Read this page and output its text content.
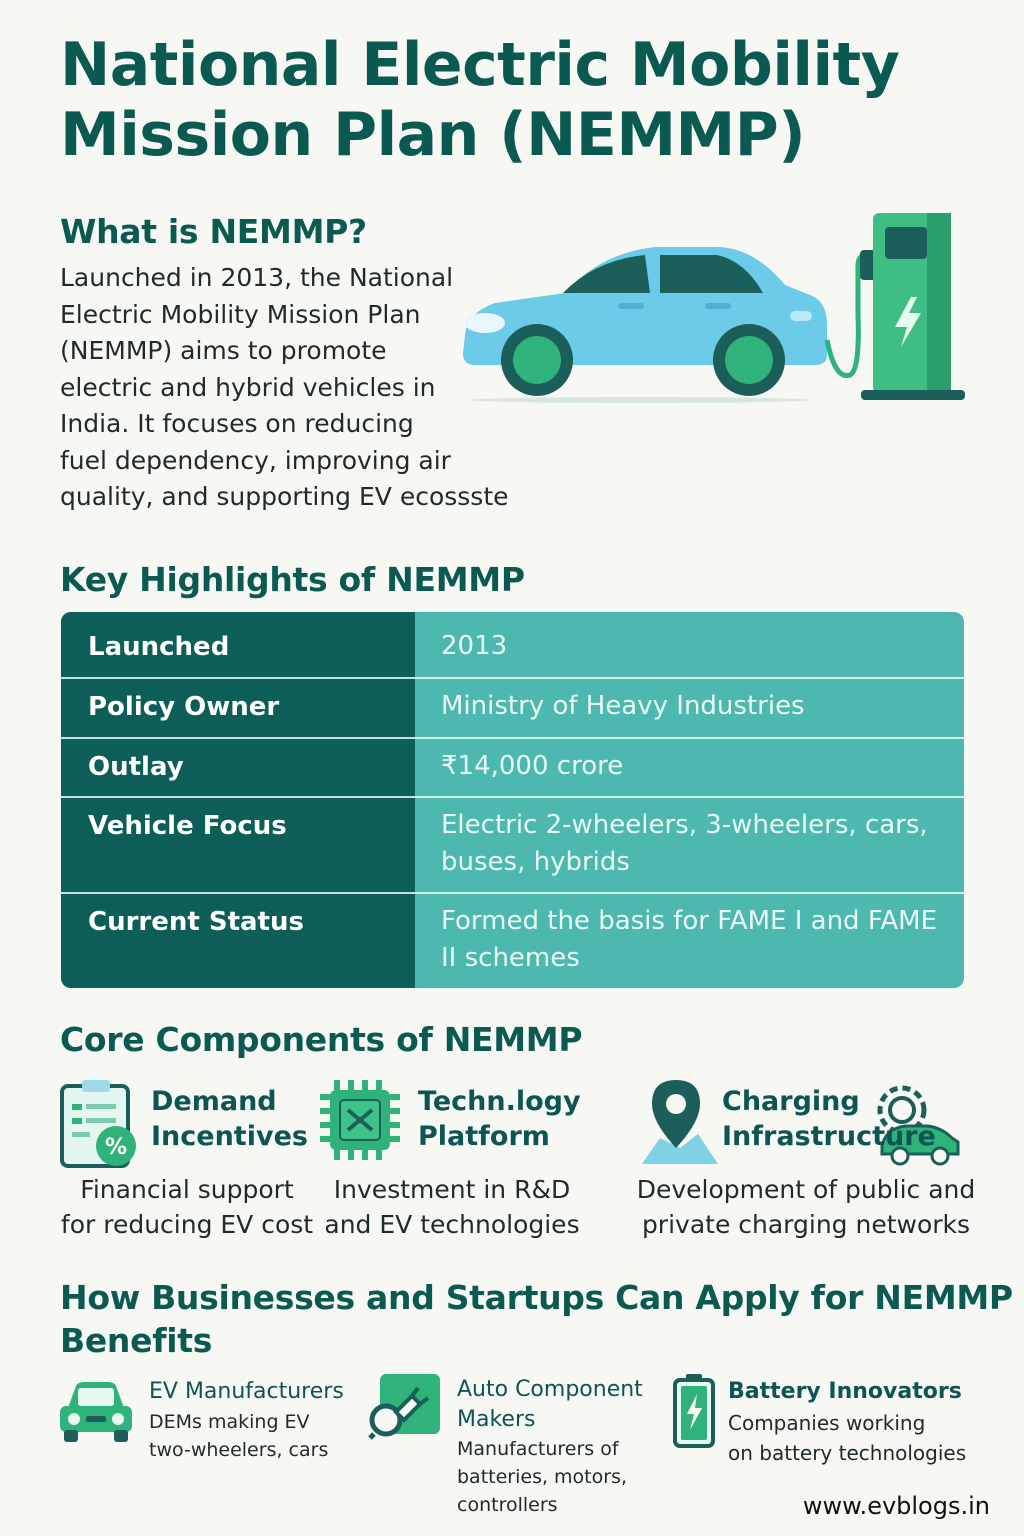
National Electric Mobility
Mission Plan (NEMMP)
What is NEMMP?
Launched in 2013, the National
Electric Mobility Mission Plan
(NEMMP) aims to promote
electric and hybrid vehicles in
India. It focuses on reducing
fuel dependency, improving air
quality, and supporting EV ecossste
Key Highlights of NEMMP
Launched	2013
Policy Owner	Ministry of Heavy Industries
Outlay	₹14,000 crore
Vehicle Focus	Electric 2-wheelers, 3-wheelers, cars, buses, hybrids
Current Status	Formed the basis for FAME I and FAME II schemes
Core Components of NEMMP
%
Demand
Incentives
Financial support
for reducing EV cost
Techn.logy
Platform
Investment in R&D
and EV technologies
Charging
Infrastructure
Development of public and
private charging networks
How Businesses and Startups Can Apply for NEMMP
Benefits
EV Manufacturers
DEMs making EV
two-wheelers, cars
Auto Component
Makers
Manufacturers of
batteries, motors,
controllers
Battery Innovators
Companies working
on battery technologies
www.evblogs.in
